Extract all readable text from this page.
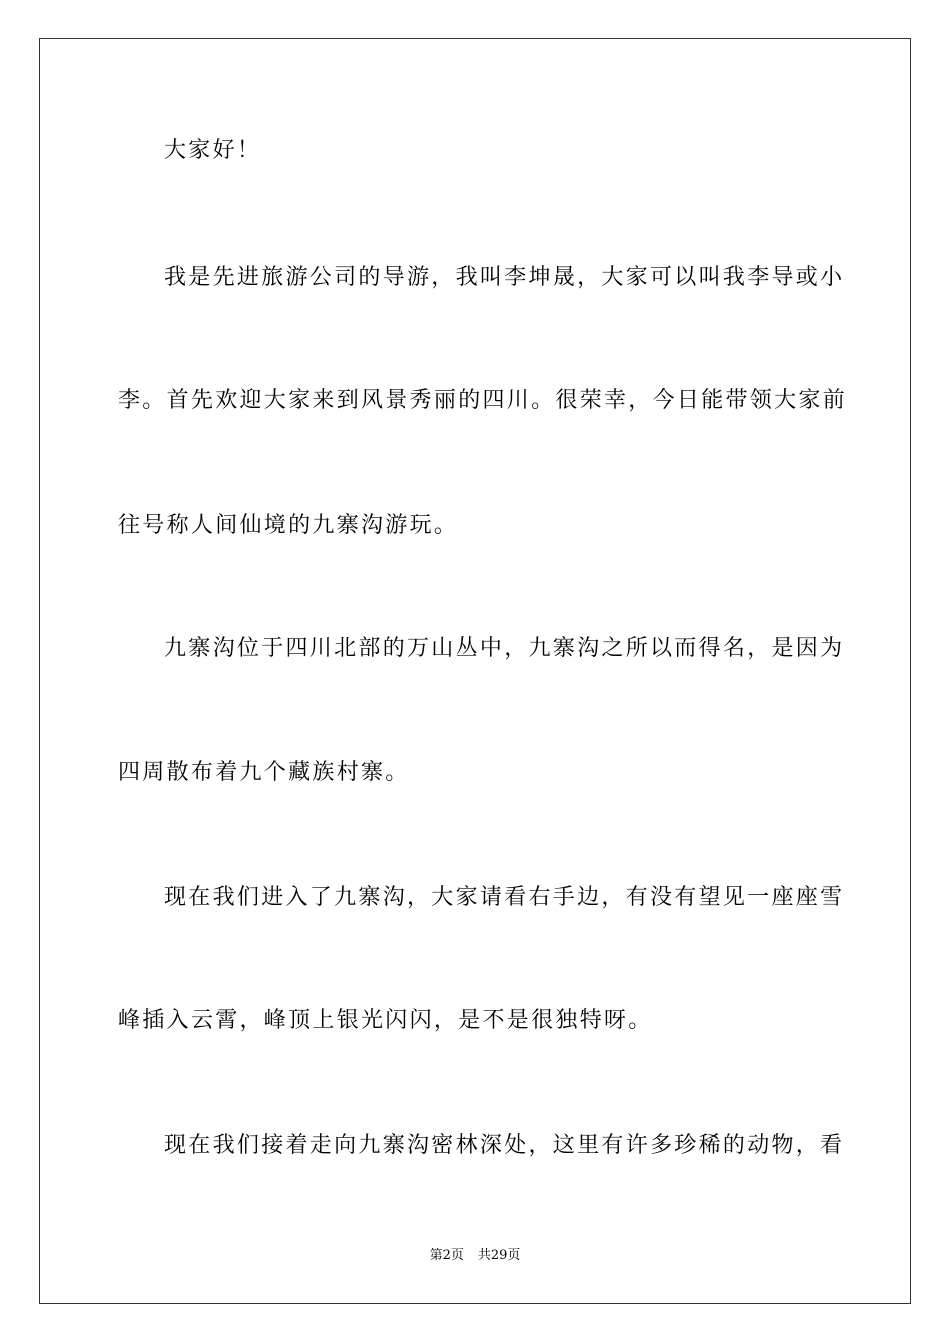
大家好！
我是先进旅游公司的导游，我叫李坤晟，大家可以叫我李导或小
李。首先欢迎大家来到风景秀丽的四川。很荣幸，今日能带领大家前
往号称人间仙境的九寨沟游玩。
九寨沟位于四川北部的万山丛中，九寨沟之所以而得名，是因为
四周散布着九个藏族村寨。
现在我们进入了九寨沟，大家请看右手边，有没有望见一座座雪
峰插入云霄，峰顶上银光闪闪，是不是很独特呀。
现在我们接着走向九寨沟密林深处，这里有许多珍稀的动物，看
第2页 共29页
